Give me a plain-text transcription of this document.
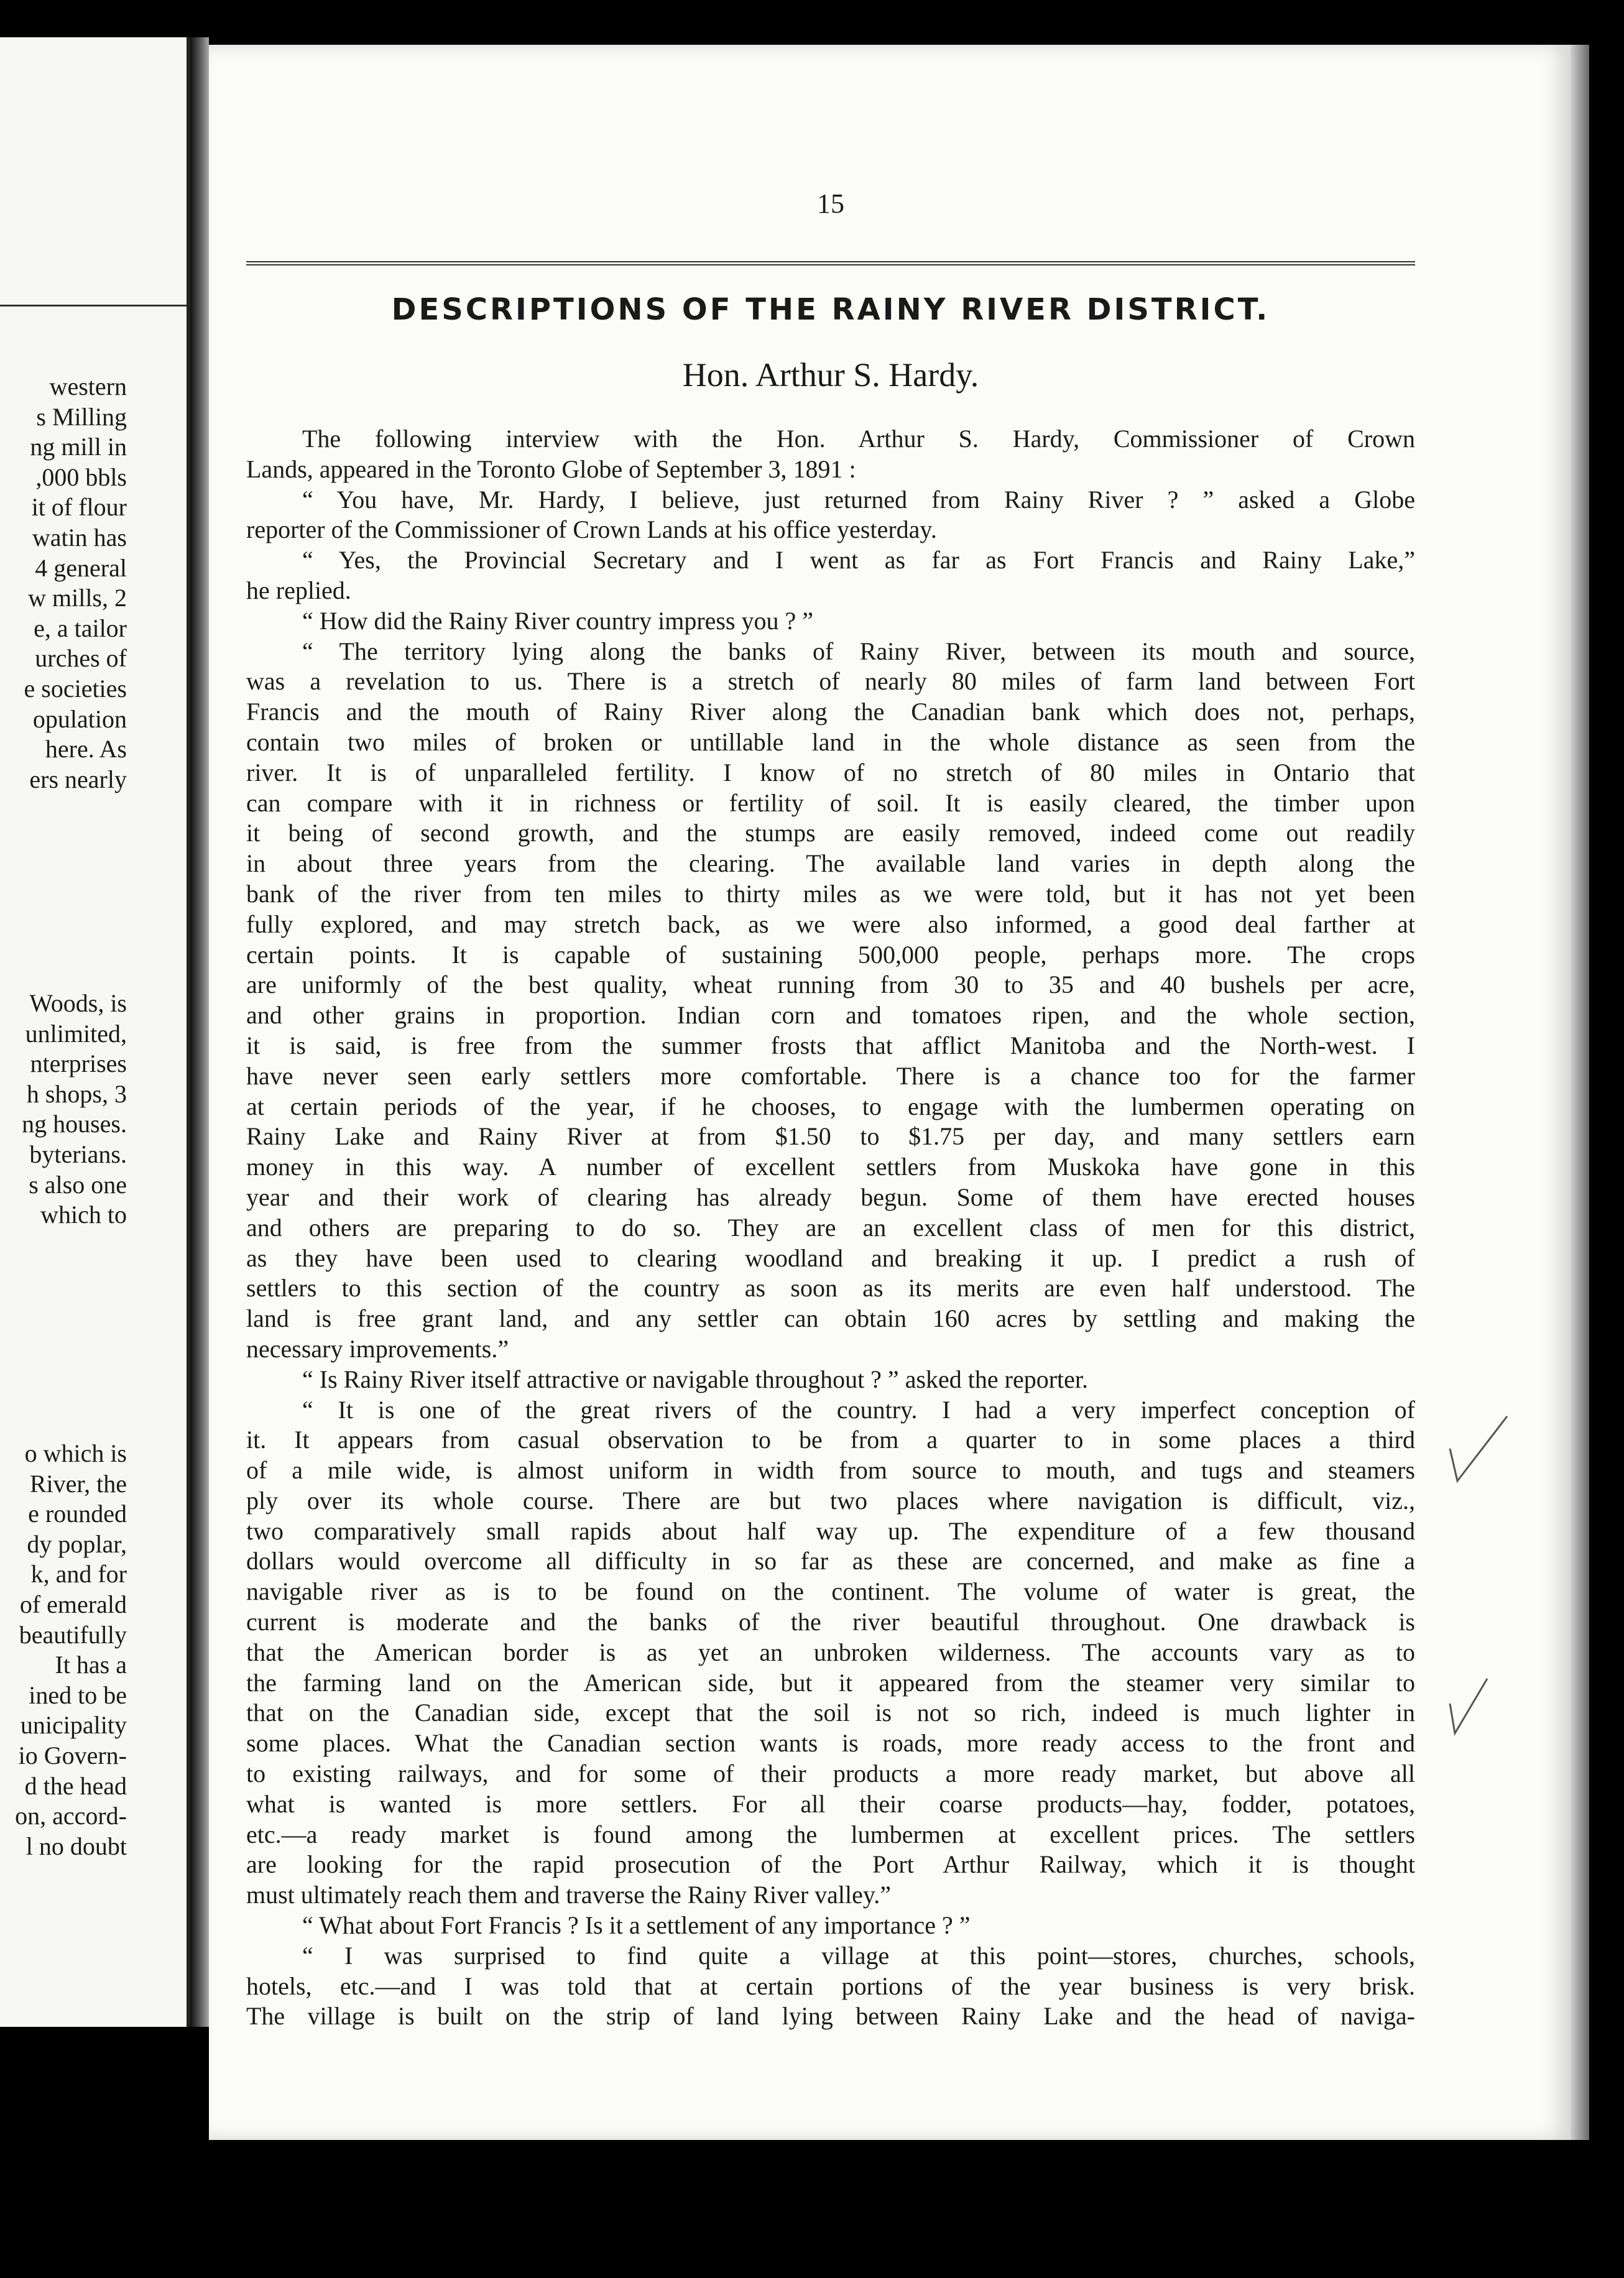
western
s Milling
ng mill in
,000 bbls
it of flour
watin has
4 general
w mills, 2
e, a tailor
urches of
e societies
opulation
here. As
ers nearly
Woods, is
unlimited,
nterprises
h shops, 3
ng houses.
byterians.
s also one
which to
o which is
River, the
e rounded
dy poplar,
k, and for
of emerald
beautifully
It has a
ined to be
unicipality
io Govern-
d the head
on, accord-
l no doubt
15
DESCRIPTIONS OF THE RAINY RIVER DISTRICT.
Hon. Arthur S. Hardy.
The following interview with the Hon. Arthur S. Hardy, Commissioner of Crown
Lands, appeared in the Toronto Globe of September 3, 1891 :
“ You have, Mr. Hardy, I believe, just returned from Rainy River ? ” asked a Globe
reporter of the Commissioner of Crown Lands at his office yesterday.
“ Yes, the Provincial Secretary and I went as far as Fort Francis and Rainy Lake,”
he replied.
“ How did the Rainy River country impress you ? ”
“ The territory lying along the banks of Rainy River, between its mouth and source,
was a revelation to us. There is a stretch of nearly 80 miles of farm land between Fort
Francis and the mouth of Rainy River along the Canadian bank which does not, perhaps,
contain two miles of broken or untillable land in the whole distance as seen from the
river. It is of unparalleled fertility. I know of no stretch of 80 miles in Ontario that
can compare with it in richness or fertility of soil. It is easily cleared, the timber upon
it being of second growth, and the stumps are easily removed, indeed come out readily
in about three years from the clearing. The available land varies in depth along the
bank of the river from ten miles to thirty miles as we were told, but it has not yet been
fully explored, and may stretch back, as we were also informed, a good deal farther at
certain points. It is capable of sustaining 500,000 people, perhaps more. The crops
are uniformly of the best quality, wheat running from 30 to 35 and 40 bushels per acre,
and other grains in proportion. Indian corn and tomatoes ripen, and the whole section,
it is said, is free from the summer frosts that afflict Manitoba and the North-west. I
have never seen early settlers more comfortable. There is a chance too for the farmer
at certain periods of the year, if he chooses, to engage with the lumbermen operating on
Rainy Lake and Rainy River at from $1.50 to $1.75 per day, and many settlers earn
money in this way. A number of excellent settlers from Muskoka have gone in this
year and their work of clearing has already begun. Some of them have erected houses
and others are preparing to do so. They are an excellent class of men for this district,
as they have been used to clearing woodland and breaking it up. I predict a rush of
settlers to this section of the country as soon as its merits are even half understood. The
land is free grant land, and any settler can obtain 160 acres by settling and making the
necessary improvements.”
“ Is Rainy River itself attractive or navigable throughout ? ” asked the reporter.
“ It is one of the great rivers of the country. I had a very imperfect conception of
it. It appears from casual observation to be from a quarter to in some places a third
of a mile wide, is almost uniform in width from source to mouth, and tugs and steamers
ply over its whole course. There are but two places where navigation is difficult, viz.,
two comparatively small rapids about half way up. The expenditure of a few thousand
dollars would overcome all difficulty in so far as these are concerned, and make as fine a
navigable river as is to be found on the continent. The volume of water is great, the
current is moderate and the banks of the river beautiful throughout. One drawback is
that the American border is as yet an unbroken wilderness. The accounts vary as to
the farming land on the American side, but it appeared from the steamer very similar to
that on the Canadian side, except that the soil is not so rich, indeed is much lighter in
some places. What the Canadian section wants is roads, more ready access to the front and
to existing railways, and for some of their products a more ready market, but above all
what is wanted is more settlers. For all their coarse products—hay, fodder, potatoes,
etc.—a ready market is found among the lumbermen at excellent prices. The settlers
are looking for the rapid prosecution of the Port Arthur Railway, which it is thought
must ultimately reach them and traverse the Rainy River valley.”
“ What about Fort Francis ? Is it a settlement of any importance ? ”
“ I was surprised to find quite a village at this point—stores, churches, schools,
hotels, etc.—and I was told that at certain portions of the year business is very brisk.
The village is built on the strip of land lying between Rainy Lake and the head of naviga-
